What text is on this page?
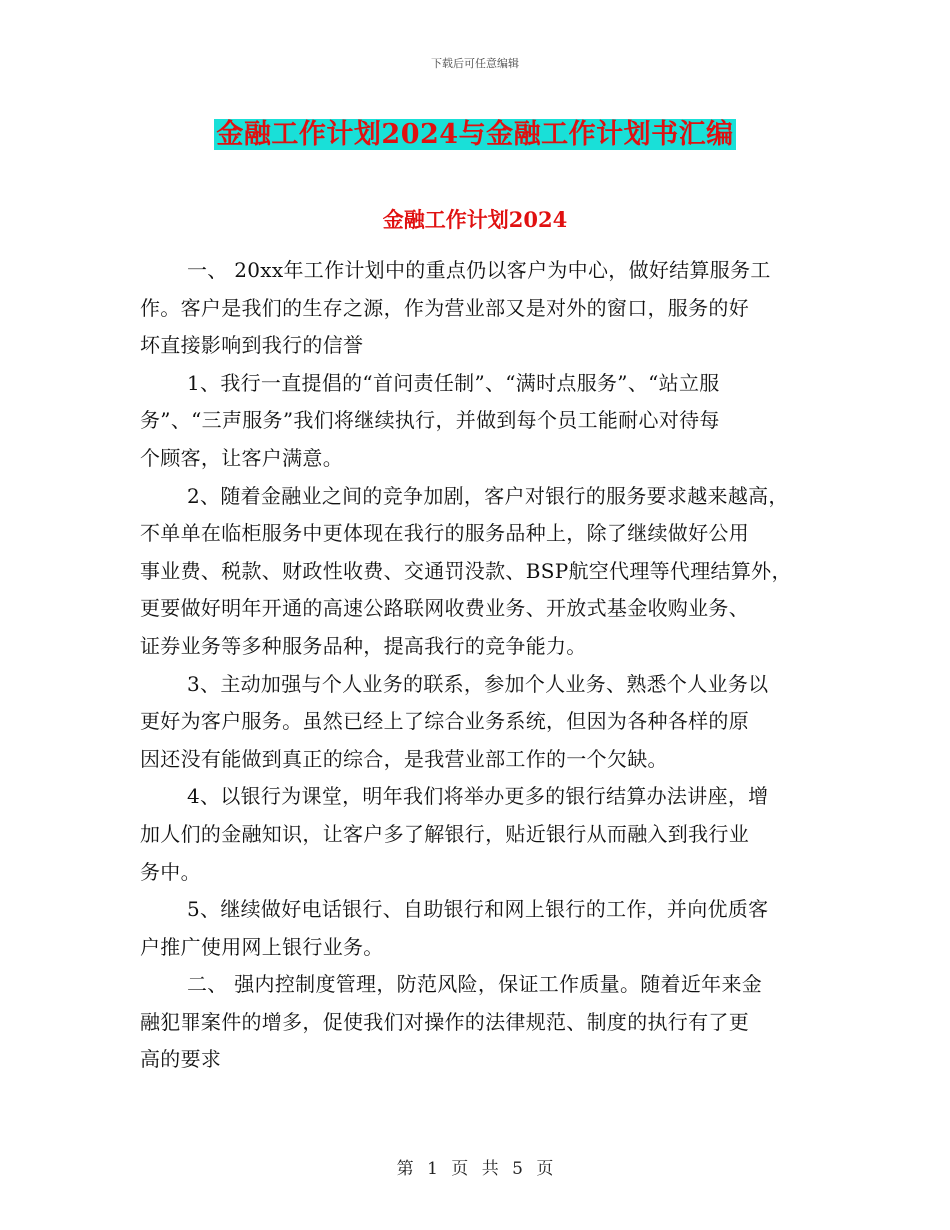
下载后可任意编辑
金融工作计划2024与金融工作计划书汇编
金融工作计划2024
一、 20xx年工作计划中的重点仍以客户为中心，做好结算服务工
作。客户是我们的生存之源，作为营业部又是对外的窗口，服务的好
坏直接影响到我行的信誉
1、我行一直提倡的“首问责任制”、“满时点服务”、“站立服
务”、“三声服务”我们将继续执行，并做到每个员工能耐心对待每
个顾客，让客户满意。
2、随着金融业之间的竞争加剧，客户对银行的服务要求越来越高，
不单单在临柜服务中更体现在我行的服务品种上，除了继续做好公用
事业费、税款、财政性收费、交通罚没款、BSP航空代理等代理结算外，
更要做好明年开通的高速公路联网收费业务、开放式基金收购业务、
证券业务等多种服务品种，提高我行的竞争能力。
3、主动加强与个人业务的联系，参加个人业务、熟悉个人业务以
更好为客户服务。虽然已经上了综合业务系统，但因为各种各样的原
因还没有能做到真正的综合，是我营业部工作的一个欠缺。
4、以银行为课堂，明年我们将举办更多的银行结算办法讲座，增
加人们的金融知识，让客户多了解银行，贴近银行从而融入到我行业
务中。
5、继续做好电话银行、自助银行和网上银行的工作，并向优质客
户推广使用网上银行业务。
二、 强内控制度管理，防范风险，保证工作质量。随着近年来金
融犯罪案件的增多，促使我们对操作的法律规范、制度的执行有了更
高的要求
第 1 页 共 5 页
